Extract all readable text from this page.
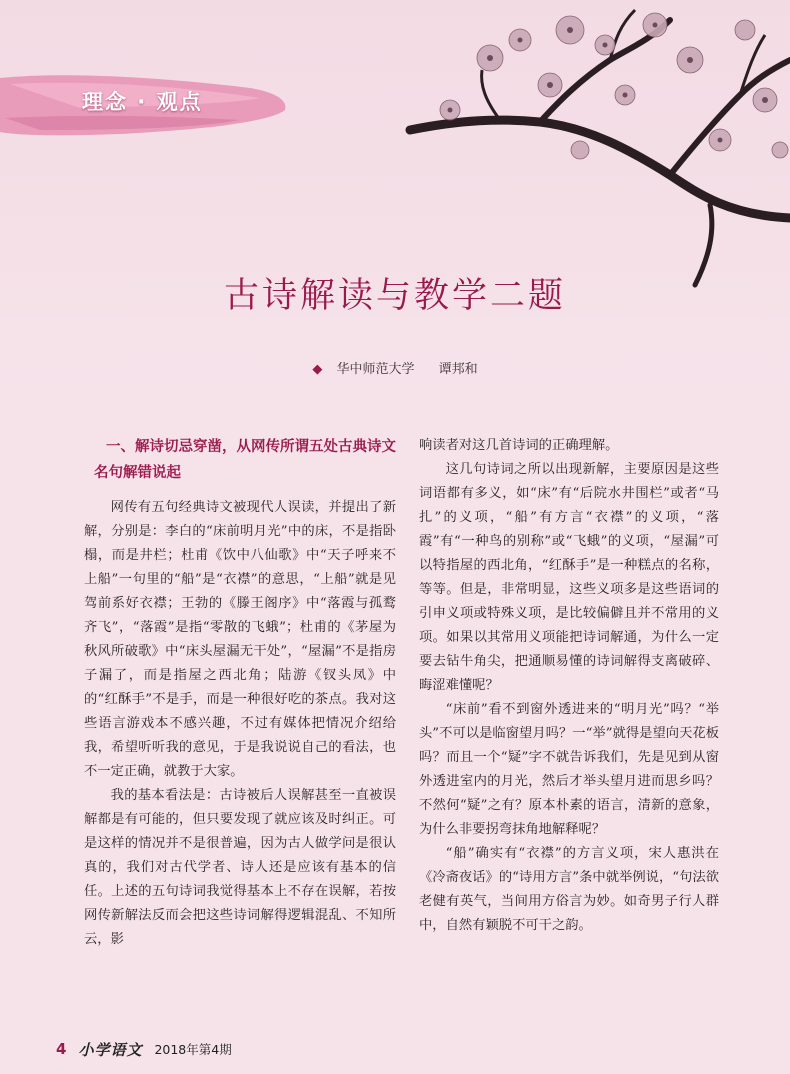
理念 · 观点
古诗解读与教学二题
◆ 华中师范大学 谭邦和
一、解诗切忌穿凿，从网传所谓五处古典诗文名句解错说起

网传有五句经典诗文被现代人误读，并提出了新解，分别是：李白的“床前明月光”中的床，不是指卧榻，而是井栏；杜甫《饮中八仙歌》中“天子呼来不上船”一句里的“船”是“衣襟”的意思，“上船”就是见驾前系好衣襟；王勃的《滕王阁序》中“落霞与孤鹜齐飞”，“落霞”是指“零散的飞蛾”；杜甫的《茅屋为秋风所破歌》中“床头屋漏无干处”，“屋漏”不是指房子漏了，而是指屋之西北角；陆游《钗头凤》中的“红酥手”不是手，而是一种很好吃的茶点。我对这些语言游戏本不感兴趣，不过有媒体把情况介绍给我，希望听听我的意见，于是我说说自己的看法，也不一定正确，就教于大家。

我的基本看法是：古诗被后人误解甚至一直被误解都是有可能的，但只要发现了就应该及时纠正。可是这样的情况并不是很普遍，因为古人做学问是很认真的，我们对古代学者、诗人还是应该有基本的信任。上述的五句诗词我觉得基本上不存在误解，若按网传新解法反而会把这些诗词解得逻辑混乱、不知所云，影

响读者对这几首诗词的正确理解。

这几句诗词之所以出现新解，主要原因是这些词语都有多义，如“床”有“后院水井围栏”或者“马扎”的义项，“船”有方言“衣襟”的义项，“落霞”有“一种鸟的别称”或“飞蛾”的义项，“屋漏”可以特指屋的西北角，“红酥手”是一种糕点的名称，等等。但是，非常明显，这些义项多是这些语词的引申义项或特殊义项，是比较偏僻且并不常用的义项。如果以其常用义项能把诗词解通，为什么一定要去钻牛角尖，把通顺易懂的诗词解得支离破碎、晦涩难懂呢？

“床前”看不到窗外透进来的“明月光”吗？“举头”不可以是临窗望月吗？一“举”就得是望向天花板吗？而且一个“疑”字不就告诉我们，先是见到从窗外透进室内的月光，然后才举头望月进而思乡吗？不然何“疑”之有？原本朴素的语言，清新的意象，为什么非要拐弯抹角地解释呢？

“船”确实有“衣襟”的方言义项，宋人惠洪在《冷斋夜话》的“诗用方言”条中就举例说，“句法欲老健有英气，当间用方俗言为妙。如奇男子行人群中，自然有颖脱不可干之韵。

4 小学语文 2018年第4期
